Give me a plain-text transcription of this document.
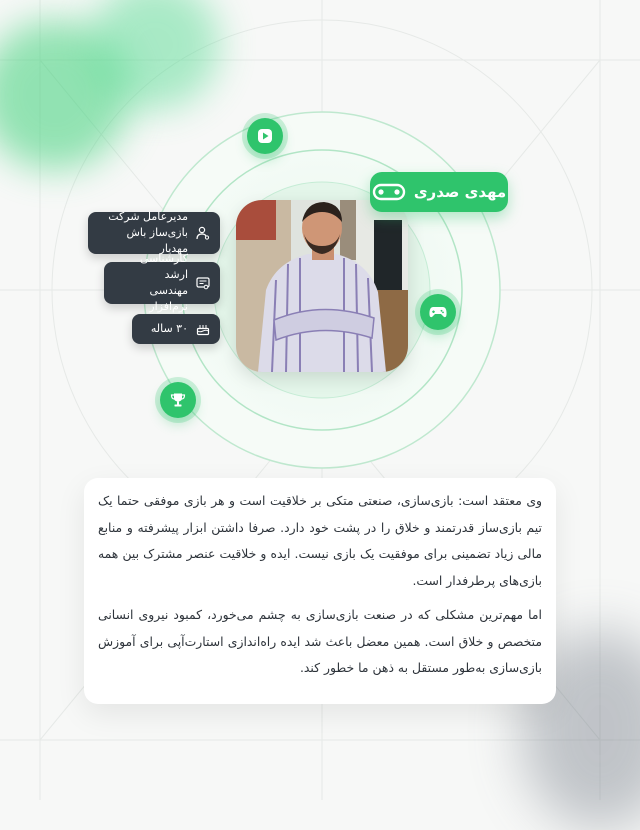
مهدی صدری
مدیرعامل شرکت
بازی‌ساز باش مهدیار
کارشناسی ارشد
مهندسی نرم‌افزار
۳۰ ساله

وی معتقد است: بازی‌سازی، صنعتی متکی بر خلاقیت است و هر بازی موفقی حتما یک تیم بازی‌ساز قدرتمند و خلاق را در پشت خود دارد. صرفا داشتن ابزار پیشرفته و منابع مالی زیاد تضمینی برای موفقیت یک بازی نیست. ایده و خلاقیت عنصر مشترک بین همه بازی‌های پرطرفدار است.

اما مهم‌ترین مشکلی که در صنعت بازی‌سازی به چشم می‌خورد، کمبود نیروی انسانی متخصص و خلاق است. همین معضل باعث شد ایده راه‌اندازی استارت‌آپی برای آموزش بازی‌سازی به‌طور مستقل به ذهن ما خطور کند.
